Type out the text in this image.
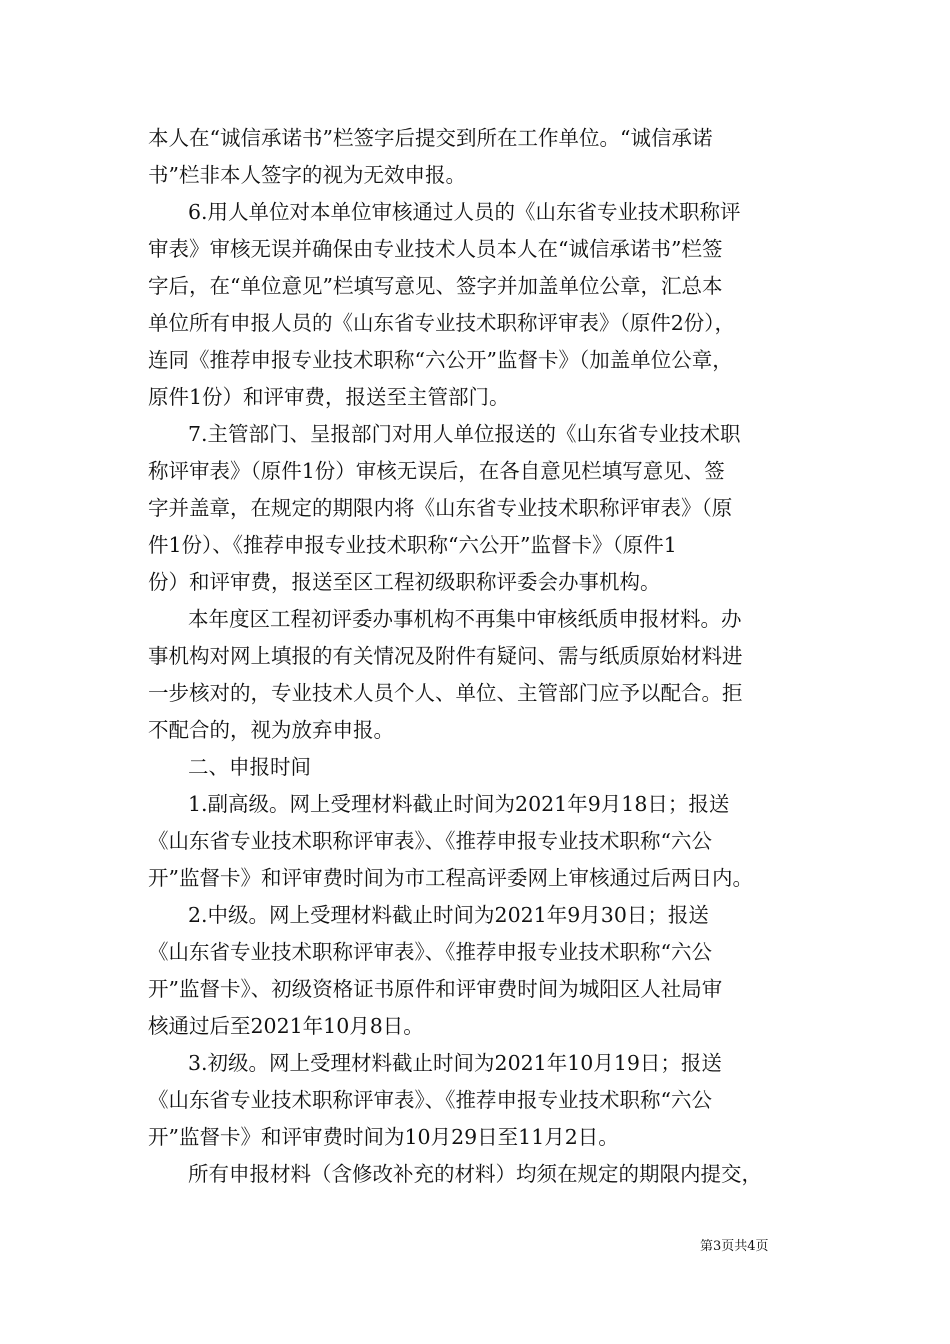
本人在“诚信承诺书”栏签字后提交到所在工作单位。“诚信承诺
书”栏非本人签字的视为无效申报。
6.用人单位对本单位审核通过人员的《山东省专业技术职称评
审表》审核无误并确保由专业技术人员本人在“诚信承诺书”栏签
字后，在“单位意见”栏填写意见、签字并加盖单位公章，汇总本
单位所有申报人员的《山东省专业技术职称评审表》（原件2份），
连同《推荐申报专业技术职称“六公开”监督卡》（加盖单位公章，
原件1份）和评审费，报送至主管部门。
7.主管部门、呈报部门对用人单位报送的《山东省专业技术职
称评审表》（原件1份）审核无误后，在各自意见栏填写意见、签
字并盖章，在规定的期限内将《山东省专业技术职称评审表》（原
件1份）、《推荐申报专业技术职称“六公开”监督卡》（原件1
份）和评审费，报送至区工程初级职称评委会办事机构。
本年度区工程初评委办事机构不再集中审核纸质申报材料。办
事机构对网上填报的有关情况及附件有疑问、需与纸质原始材料进
一步核对的，专业技术人员个人、单位、主管部门应予以配合。拒
不配合的，视为放弃申报。
二、申报时间
1.副高级。网上受理材料截止时间为2021年9月18日；报送
《山东省专业技术职称评审表》、《推荐申报专业技术职称“六公
开”监督卡》和评审费时间为市工程高评委网上审核通过后两日内。
2.中级。网上受理材料截止时间为2021年9月30日；报送
《山东省专业技术职称评审表》、《推荐申报专业技术职称“六公
开”监督卡》、初级资格证书原件和评审费时间为城阳区人社局审
核通过后至2021年10月8日。
3.初级。网上受理材料截止时间为2021年10月19日；报送
《山东省专业技术职称评审表》、《推荐申报专业技术职称“六公
开”监督卡》和评审费时间为10月29日至11月2日。
所有申报材料（含修改补充的材料）均须在规定的期限内提交，
第3页共4页
